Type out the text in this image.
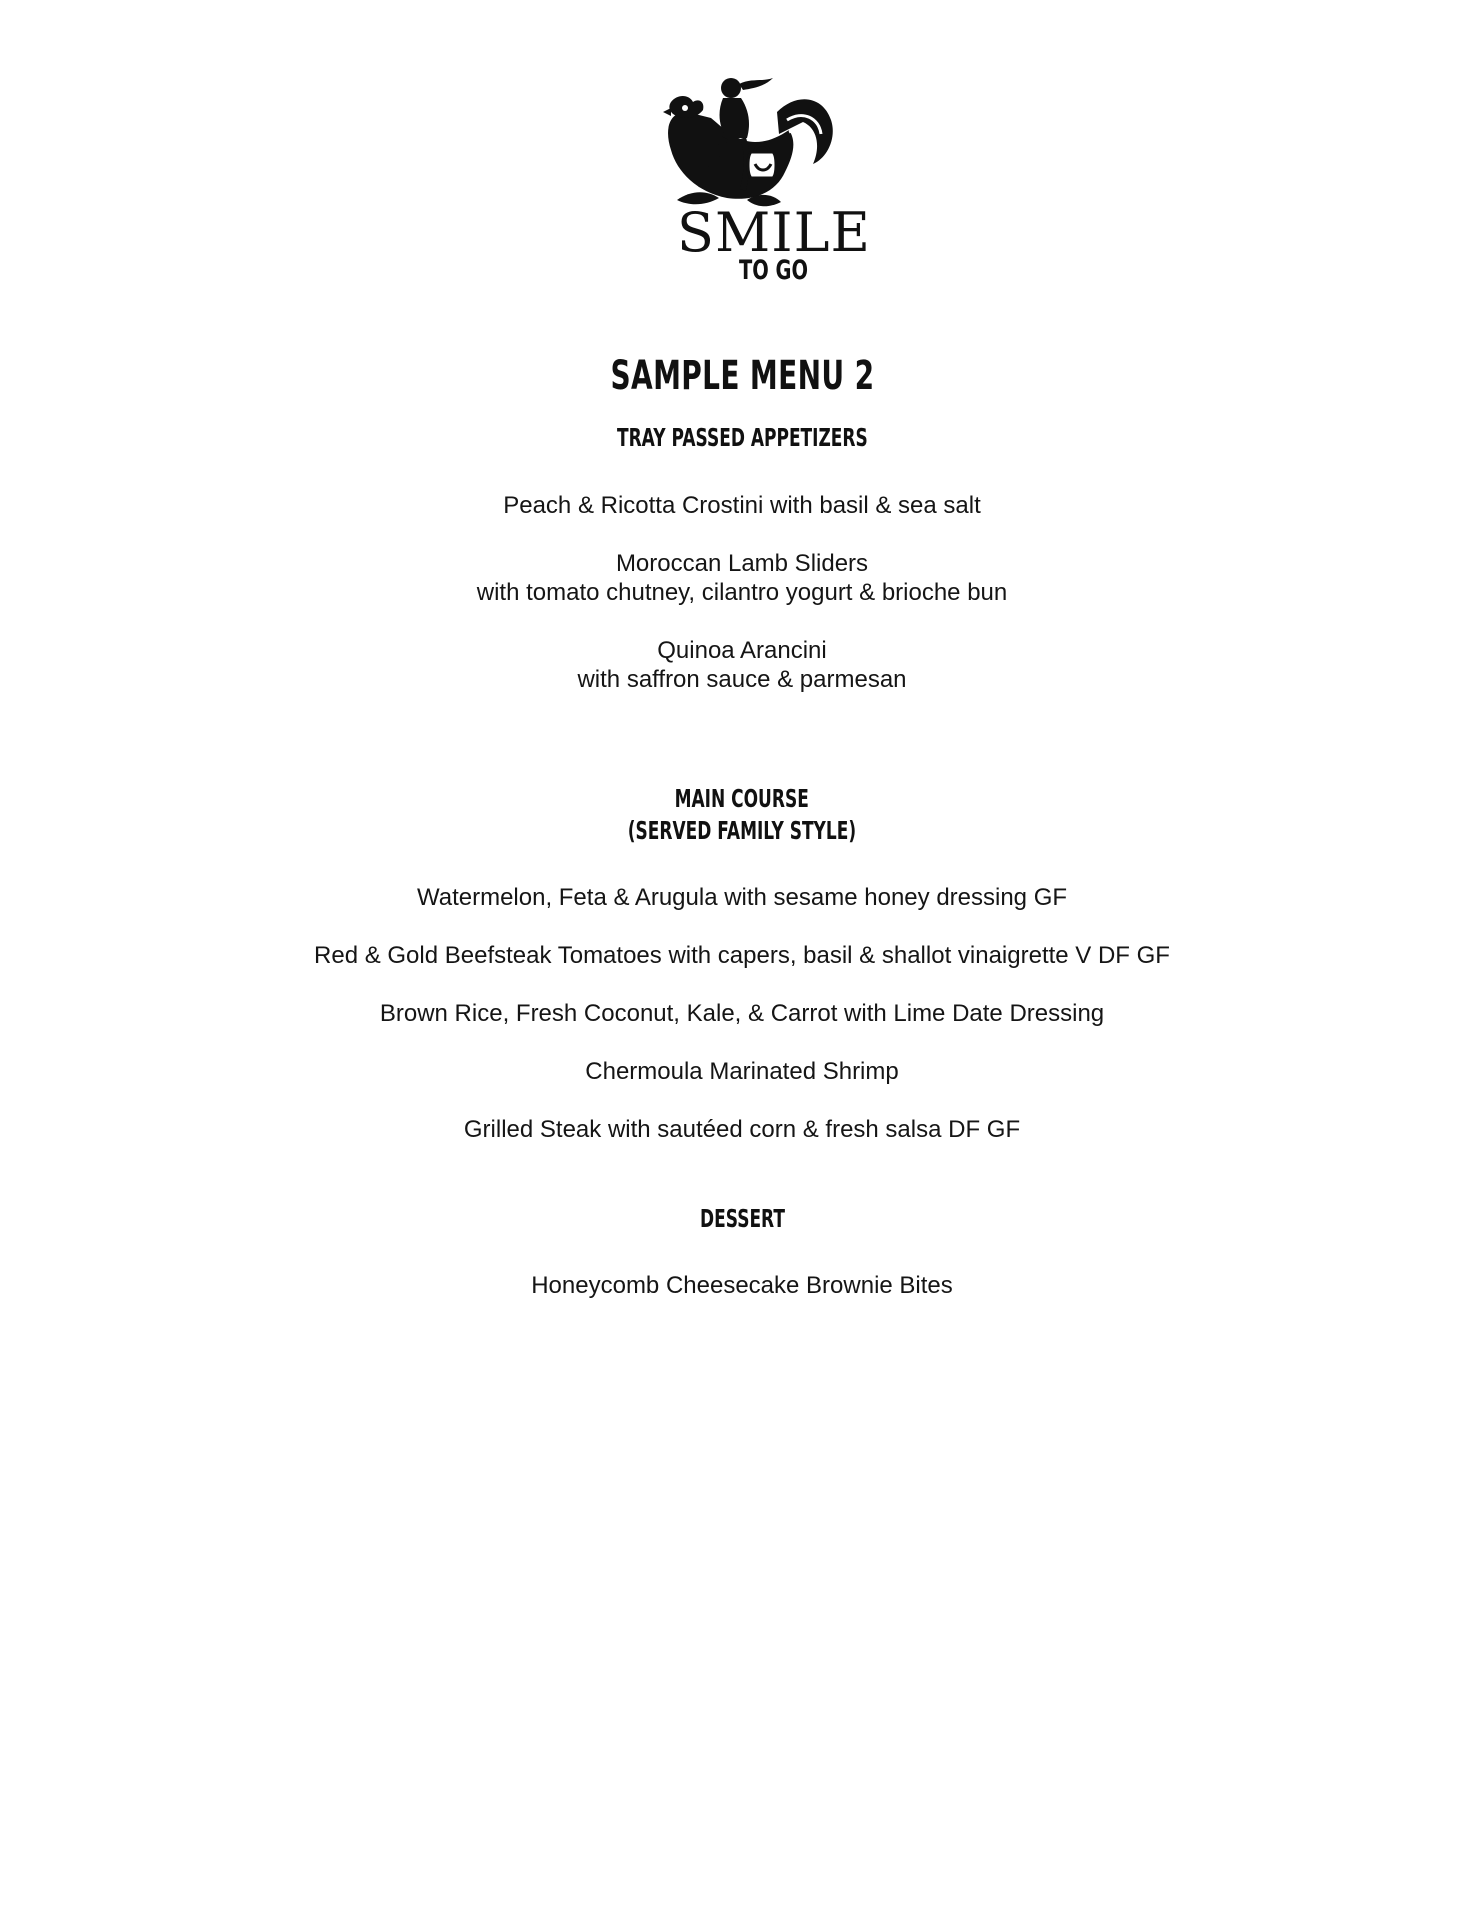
SMILE
TO GO
SAMPLE MENU 2
TRAY PASSED APPETIZERS
Peach & Ricotta Crostini with basil & sea salt
Moroccan Lamb Sliders
with tomato chutney, cilantro yogurt & brioche bun
Quinoa Arancini
with saffron sauce & parmesan
MAIN COURSE
(SERVED FAMILY STYLE)
Watermelon, Feta & Arugula with sesame honey dressing GF
Red & Gold Beefsteak Tomatoes with capers, basil & shallot vinaigrette V DF GF
Brown Rice, Fresh Coconut, Kale, & Carrot with Lime Date Dressing
Chermoula Marinated Shrimp
Grilled Steak with sautéed corn & fresh salsa DF GF
DESSERT
Honeycomb Cheesecake Brownie Bites
